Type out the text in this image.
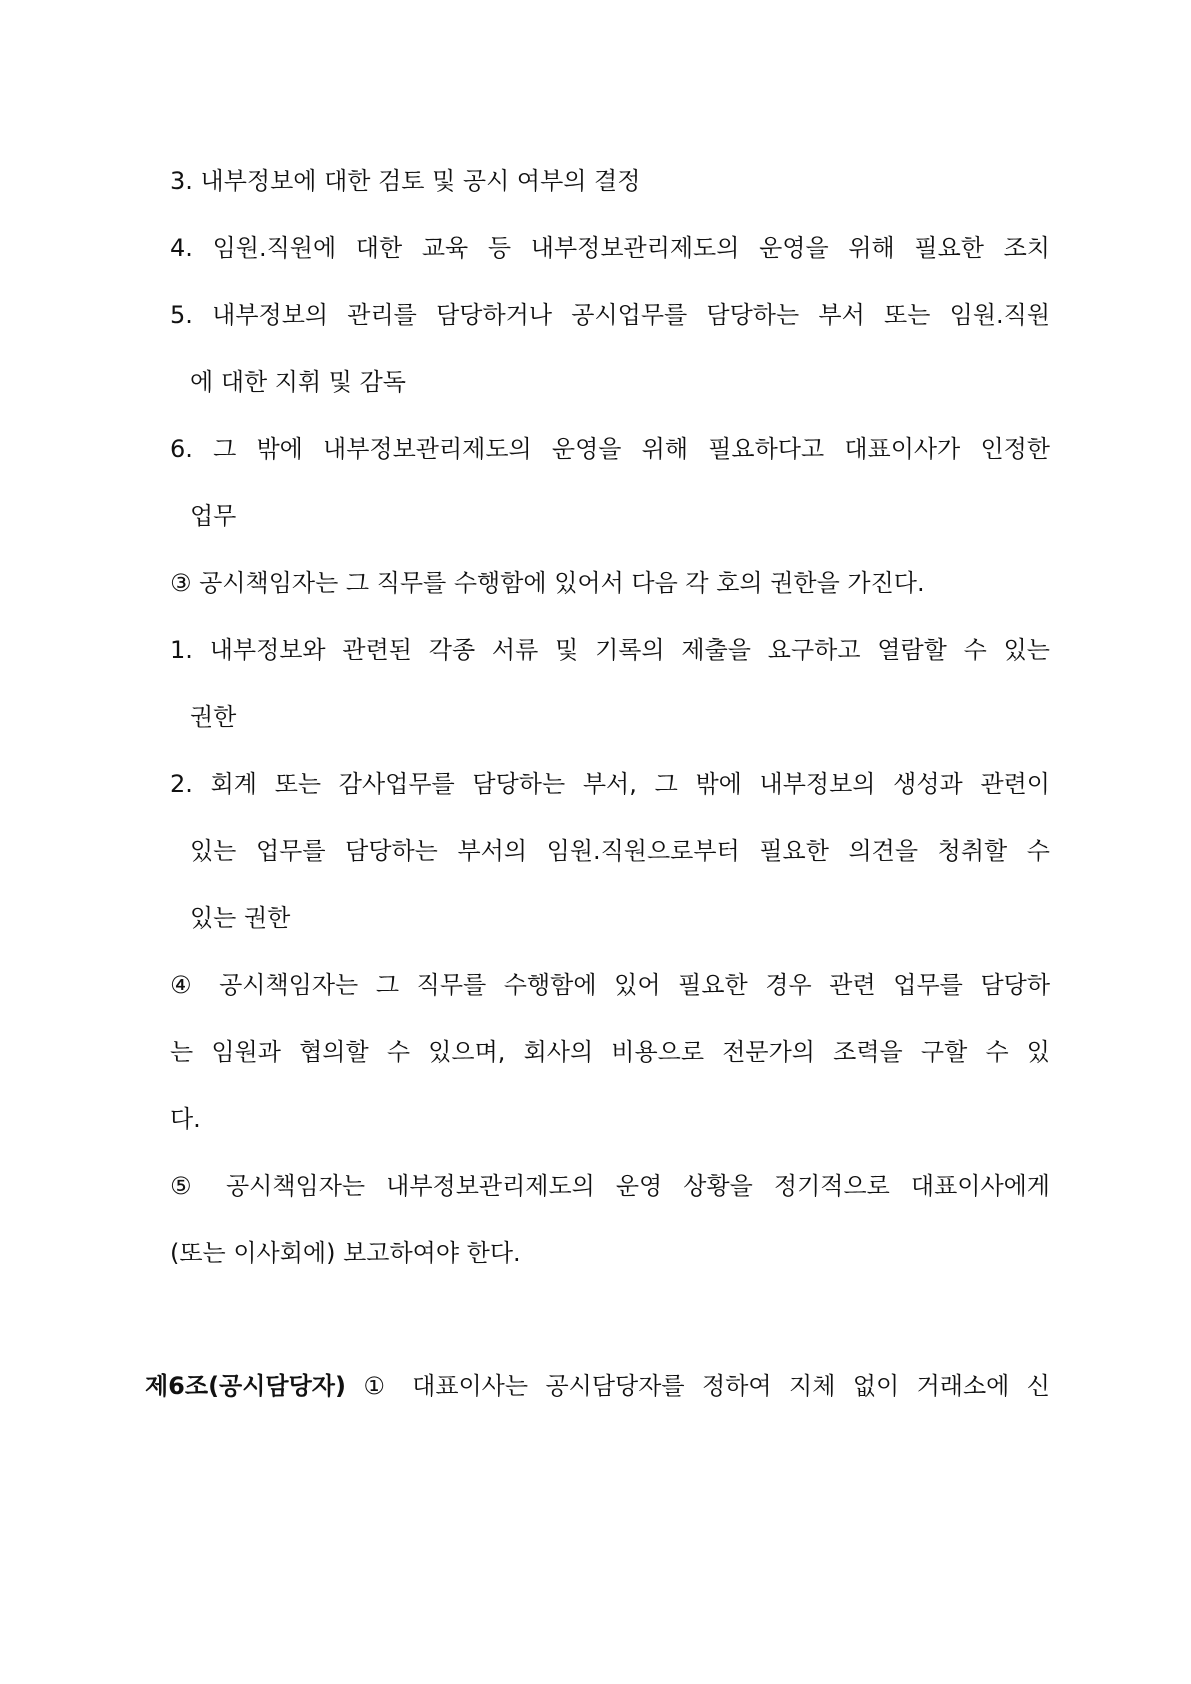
3. 내부정보에 대한 검토 및 공시 여부의 결정
4. 임원.직원에 대한 교육 등 내부정보관리제도의 운영을 위해 필요한 조치
5. 내부정보의 관리를 담당하거나 공시업무를 담당하는 부서 또는 임원.직원
에 대한 지휘 및 감독
6. 그 밖에 내부정보관리제도의 운영을 위해 필요하다고 대표이사가 인정한
업무
③ 공시책임자는 그 직무를 수행함에 있어서 다음 각 호의 권한을 가진다.
1. 내부정보와 관련된 각종 서류 및 기록의 제출을 요구하고 열람할 수 있는
권한
2. 회계 또는 감사업무를 담당하는 부서, 그 밖에 내부정보의 생성과 관련이
있는 업무를 담당하는 부서의 임원.직원으로부터 필요한 의견을 청취할 수
있는 권한
④ 공시책임자는 그 직무를 수행함에 있어 필요한 경우 관련 업무를 담당하
는 임원과 협의할 수 있으며, 회사의 비용으로 전문가의 조력을 구할 수 있
다.
⑤ 공시책임자는 내부정보관리제도의 운영 상황을 정기적으로 대표이사에게
(또는 이사회에) 보고하여야 한다.
제6조(공시담당자) ① 대표이사는 공시담당자를 정하여 지체 없이 거래소에 신
